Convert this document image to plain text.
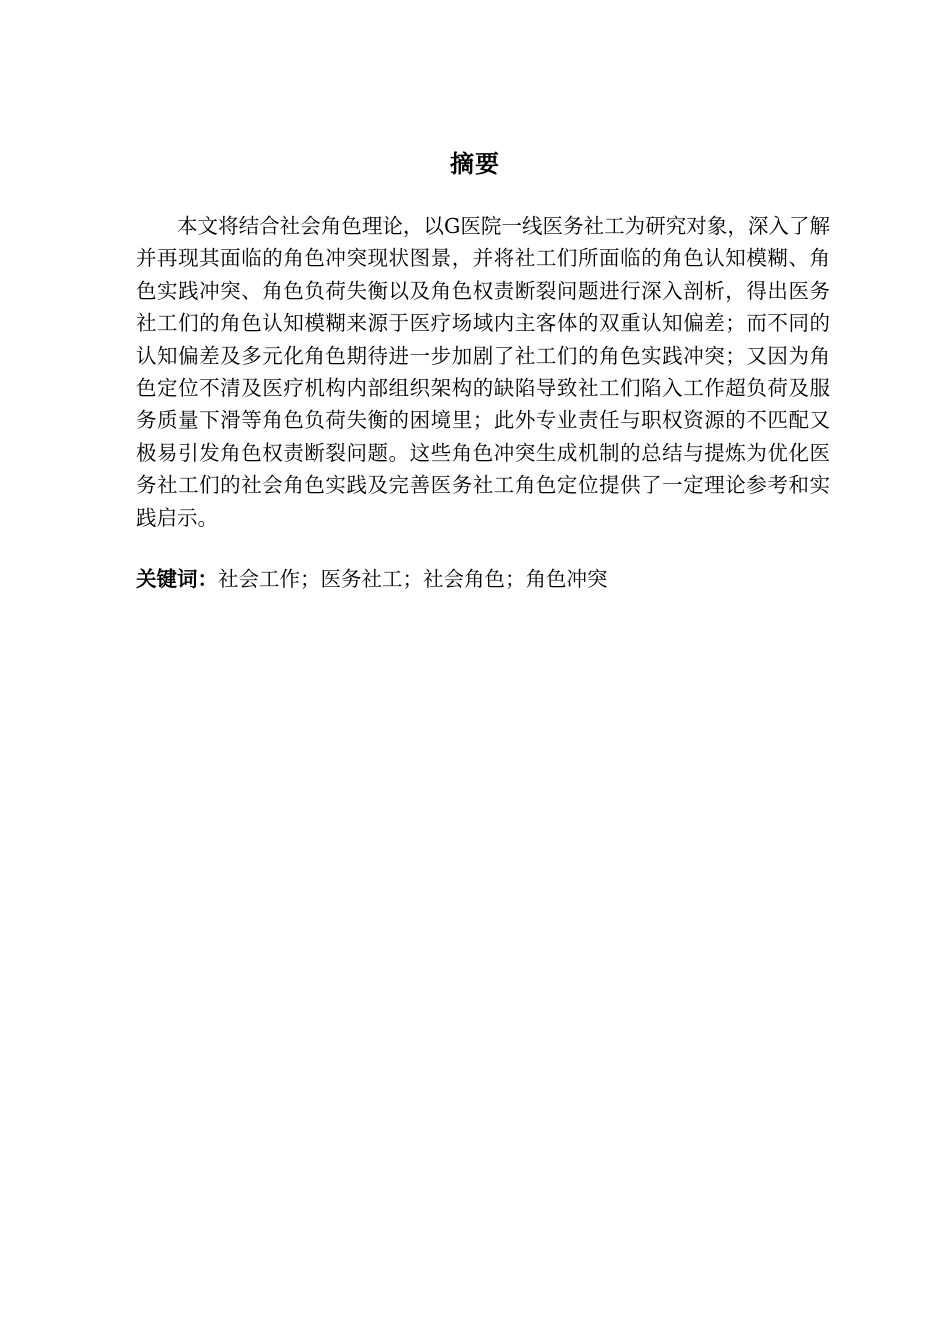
摘要

本文将结合社会角色理论，以G医院一线医务社工为研究对象，深入了解并再现其面临的角色冲突现状图景，并将社工们所面临的角色认知模糊、角色实践冲突、角色负荷失衡以及角色权责断裂问题进行深入剖析，得出医务社工们的角色认知模糊来源于医疗场域内主客体的双重认知偏差；而不同的认知偏差及多元化角色期待进一步加剧了社工们的角色实践冲突；又因为角色定位不清及医疗机构内部组织架构的缺陷导致社工们陷入工作超负荷及服务质量下滑等角色负荷失衡的困境里；此外专业责任与职权资源的不匹配又极易引发角色权责断裂问题。这些角色冲突生成机制的总结与提炼为优化医务社工们的社会角色实践及完善医务社工角色定位提供了一定理论参考和实践启示。

关键词：社会工作；医务社工；社会角色；角色冲突
